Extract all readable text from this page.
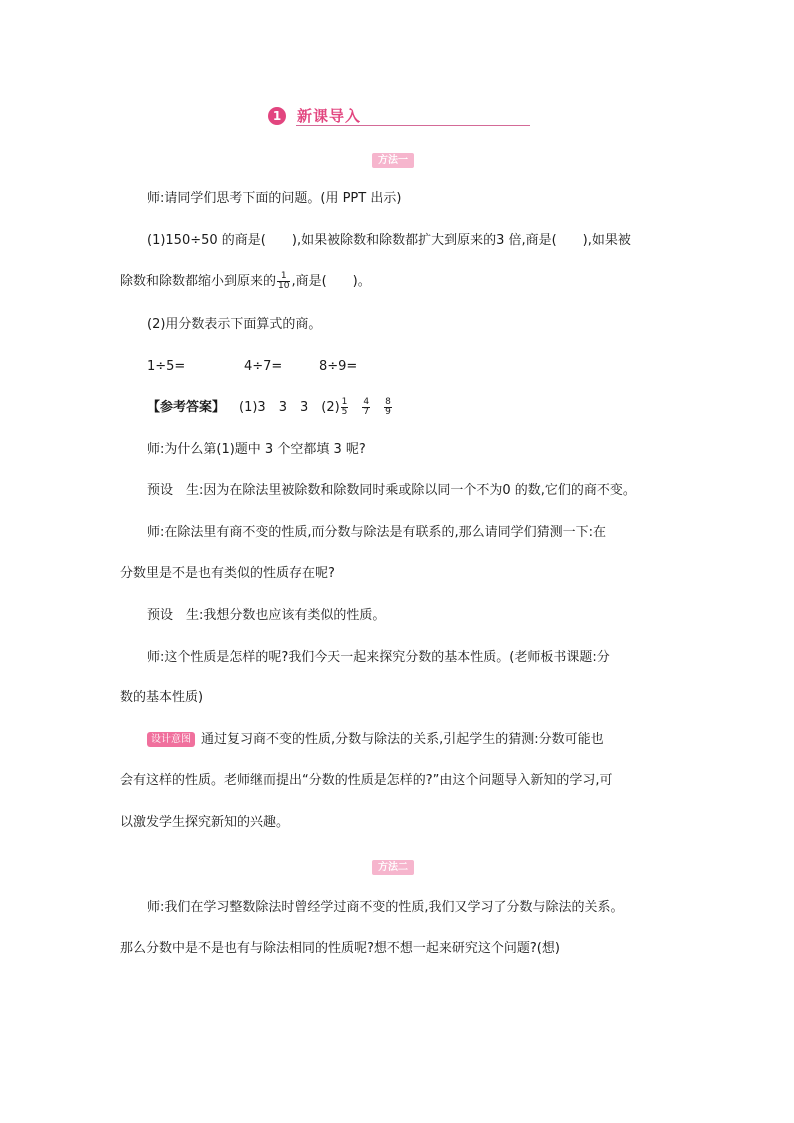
1	新课导入
方法一
师:请同学们思考下面的问题。(用 PPT 出示)
(1)150÷50 的商是(　　),如果被除数和除数都扩大到原来的3 倍,商是(　　),如果被
除数和除数都缩小到原来的 $\frac{1}{10}$ ,商是(　　)。
(2)用分数表示下面算式的商。
1÷5=	4÷7=	8÷9=
【参考答案】 (1)3　3　3　$(2) \frac{1}{5} \frac{4}{7} \frac{8}{9}$
师:为什么第(1)题中 3 个空都填 3 呢?
预设　生:因为在除法里被除数和除数同时乘或除以同一个不为0 的数,它们的商不变。
师:在除法里有商不变的性质,而分数与除法是有联系的,那么请同学们猜测一下:在
分数里是不是也有类似的性质存在呢?
预设　生:我想分数也应该有类似的性质。
师:这个性质是怎样的呢?我们今天一起来探究分数的基本性质。(老师板书课题:分
数的基本性质)
设计意图 通过复习商不变的性质,分数与除法的关系,引起学生的猜测:分数可能也
会有这样的性质。老师继而提出“分数的性质是怎样的?”由这个问题导入新知的学习,可
以激发学生探究新知的兴趣。
方法二
师:我们在学习整数除法时曾经学过商不变的性质,我们又学习了分数与除法的关系。
那么分数中是不是也有与除法相同的性质呢?想不想一起来研究这个问题?(想)
